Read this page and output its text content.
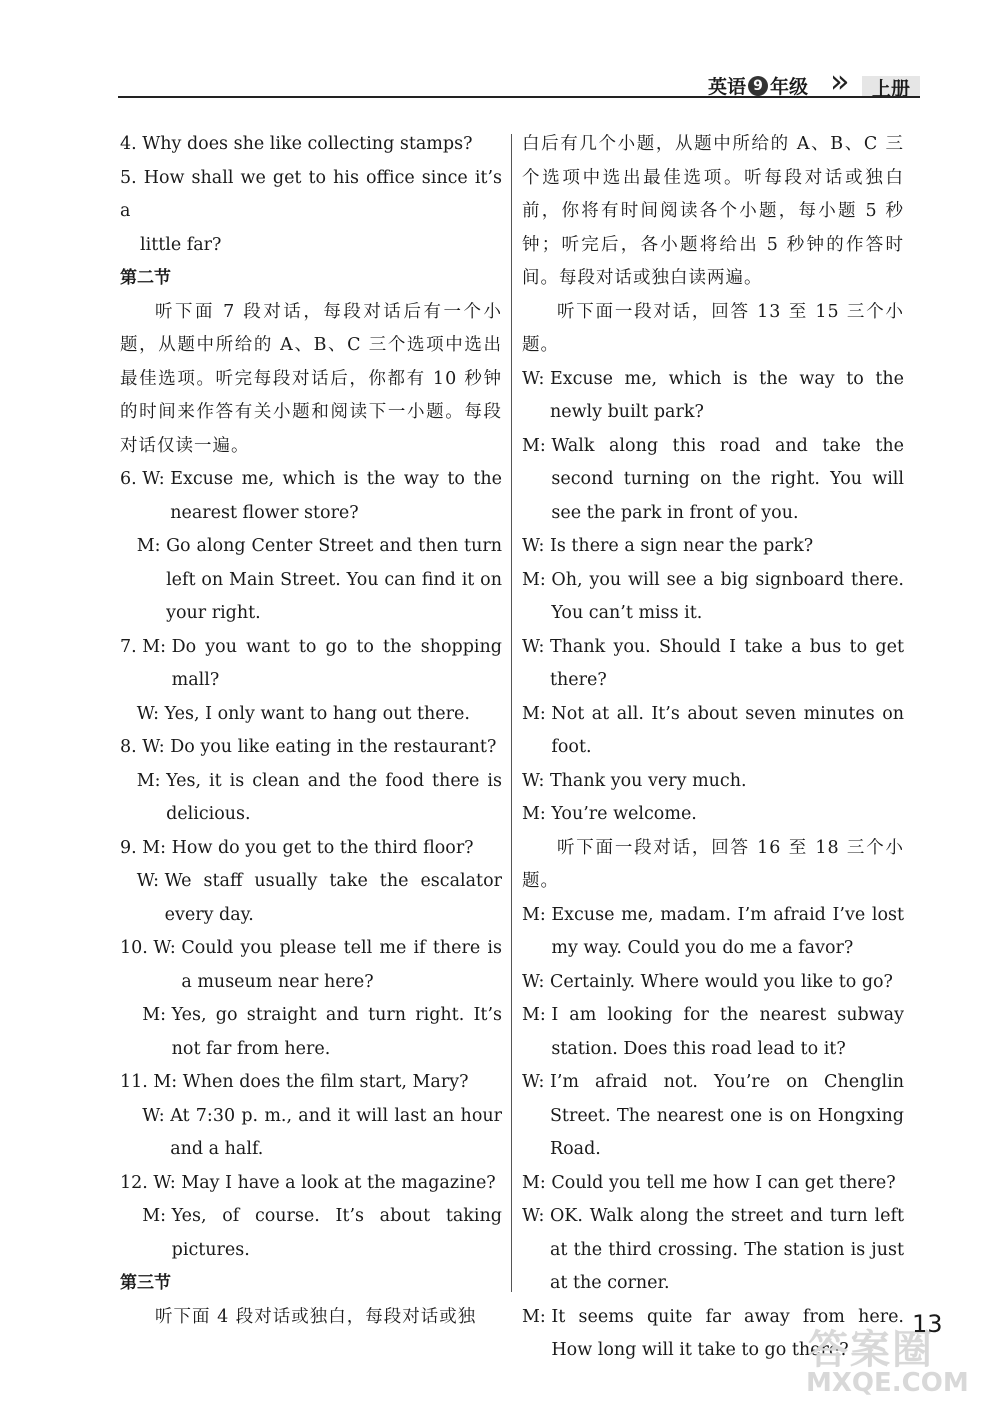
英语 9 年级 » 上册
4. Why does she like collecting stamps?
5. How shall we get to his office since it’s a
little far?
第二节
听下面 7 段对话，每段对话后有一个小题，从题中所给的 A、B、C 三个选项中选出最佳选项。听完每段对话后，你都有 10 秒钟的时间来作答有关小题和阅读下一小题。每段对话仅读一遍。
6. W: Excuse me, which is the way to the nearest flower store?
M: Go along Center Street and then turn left on Main Street. You can find it on your right.
7. M: Do you want to go to the shopping mall?
W: Yes, I only want to hang out there.
8. W: Do you like eating in the restaurant?
M: Yes, it is clean and the food there is delicious.
9. M: How do you get to the third floor?
W: We staff usually take the escalator every day.
10. W: Could you please tell me if there is a museum near here?
M: Yes, go straight and turn right. It’s not far from here.
11. M: When does the film start, Mary?
W: At 7:30 p. m., and it will last an hour and a half.
12. W: May I have a look at the magazine?
M: Yes, of course. It’s about taking pictures.
第三节
听下面 4 段对话或独白，每段对话或独
白后有几个小题，从题中所给的 A、B、C 三个选项中选出最佳选项。听每段对话或独白前，你将有时间阅读各个小题，每小题 5 秒钟；听完后，各小题将给出 5 秒钟的作答时间。每段对话或独白读两遍。
听下面一段对话，回答 13 至 15 三个小题。
W: Excuse me, which is the way to the newly built park?
M: Walk along this road and take the second turning on the right. You will see the park in front of you.
W: Is there a sign near the park?
M: Oh, you will see a big signboard there. You can’t miss it.
W: Thank you. Should I take a bus to get there?
M: Not at all. It’s about seven minutes on foot.
W: Thank you very much.
M: You’re welcome.
听下面一段对话，回答 16 至 18 三个小题。
M: Excuse me, madam. I’m afraid I’ve lost my way. Could you do me a favor?
W: Certainly. Where would you like to go?
M: I am looking for the nearest subway station. Does this road lead to it?
W: I’m afraid not. You’re on Chenglin Street. The nearest one is on Hongxing Road.
M: Could you tell me how I can get there?
W: OK. Walk along the street and turn left at the third crossing. The station is just at the corner.
M: It seems quite far away from here. How long will it take to go there?
答案圈
MXQE.COM
13
